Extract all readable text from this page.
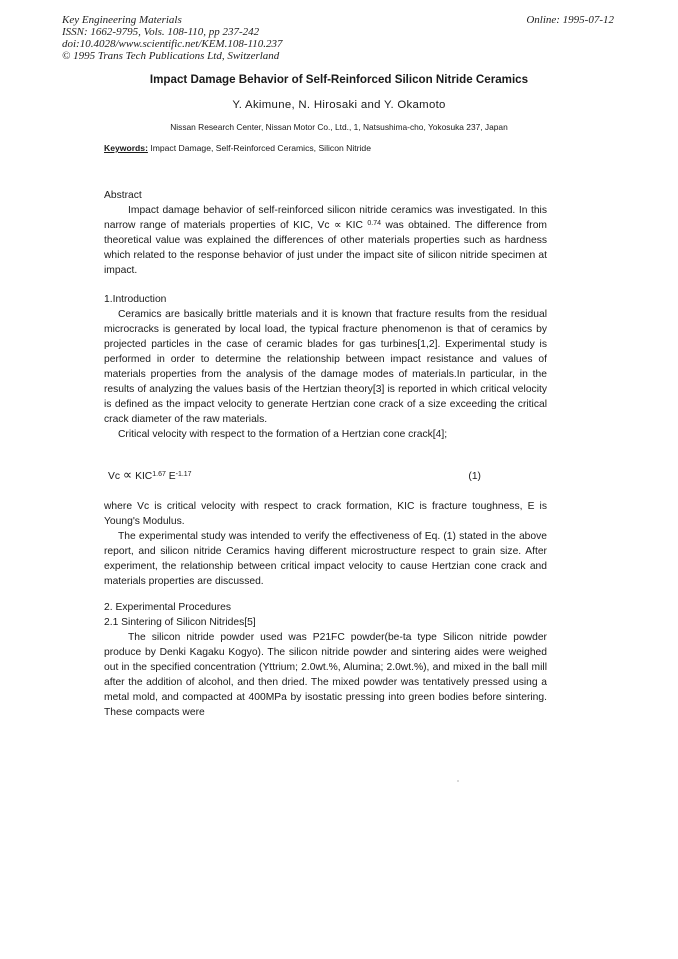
Key Engineering Materials
ISSN: 1662-9795, Vols. 108-110, pp 237-242
doi:10.4028/www.scientific.net/KEM.108-110.237
© 1995 Trans Tech Publications Ltd, Switzerland
Online: 1995-07-12
Impact Damage Behavior of Self-Reinforced Silicon Nitride Ceramics
Y. Akimune, N. Hirosaki and Y. Okamoto
Nissan Research Center, Nissan Motor Co., Ltd., 1, Natsushima-cho, Yokosuka 237, Japan
Keywords: Impact Damage, Self-Reinforced Ceramics, Silicon Nitride
Abstract

Impact damage behavior of self-reinforced silicon nitride ceramics was investigated. In this narrow range of materials properties of KIC, Vc ∝ KIC $^{0.74}$ was obtained. The difference from theoretical value was explained the differences of other materials properties such as hardness which related to the response behavior of just under the impact site of silicon nitride specimen at impact.

1.Introduction

Ceramics are basically brittle materials and it is known that fracture results from the residual microcracks is generated by local load, the typical fracture phenomenon is that of ceramics by projected particles in the case of ceramic blades for gas turbines[1,2]. Experimental study is performed in order to determine the relationship between impact resistance and values of materials properties from the analysis of the damage modes of materials.In particular, in the results of analyzing the values basis of the Hertzian theory[3] is reported in which critical velocity is defined as the impact velocity to generate Hertzian cone crack of a size exceeding the critical crack diameter of the raw materials.

Critical velocity with respect to the formation of a Hertzian cone crack[4];

$Vc \propto KIC^{1.67}$ $E^{-1.17}$	(1)

where Vc is critical velocity with respect to crack formation, KIC is fracture toughness, E is Young's Modulus.

The experimental study was intended to verify the effectiveness of Eq. (1) stated in the above report, and silicon nitride Ceramics having different microstructure respect to grain size. After experiment, the relationship between critical impact velocity to cause Hertzian cone crack and materials properties are discussed.

2. Experimental Procedures
2.1 Sintering of Silicon Nitrides[5]

The silicon nitride powder used was P21FC powder(be-ta type Silicon nitride powder produce by Denki Kagaku Kogyo). The silicon nitride powder and sintering aides were weighed out in the specified concentration (Yttrium; 2.0wt.%, Alumina; 2.0wt.%), and mixed in the ball mill after the addition of alcohol, and then dried. The mixed powder was tentatively pressed using a metal mold, and compacted at 400MPa by isostatic pressing into green bodies before sintering. These compacts were
